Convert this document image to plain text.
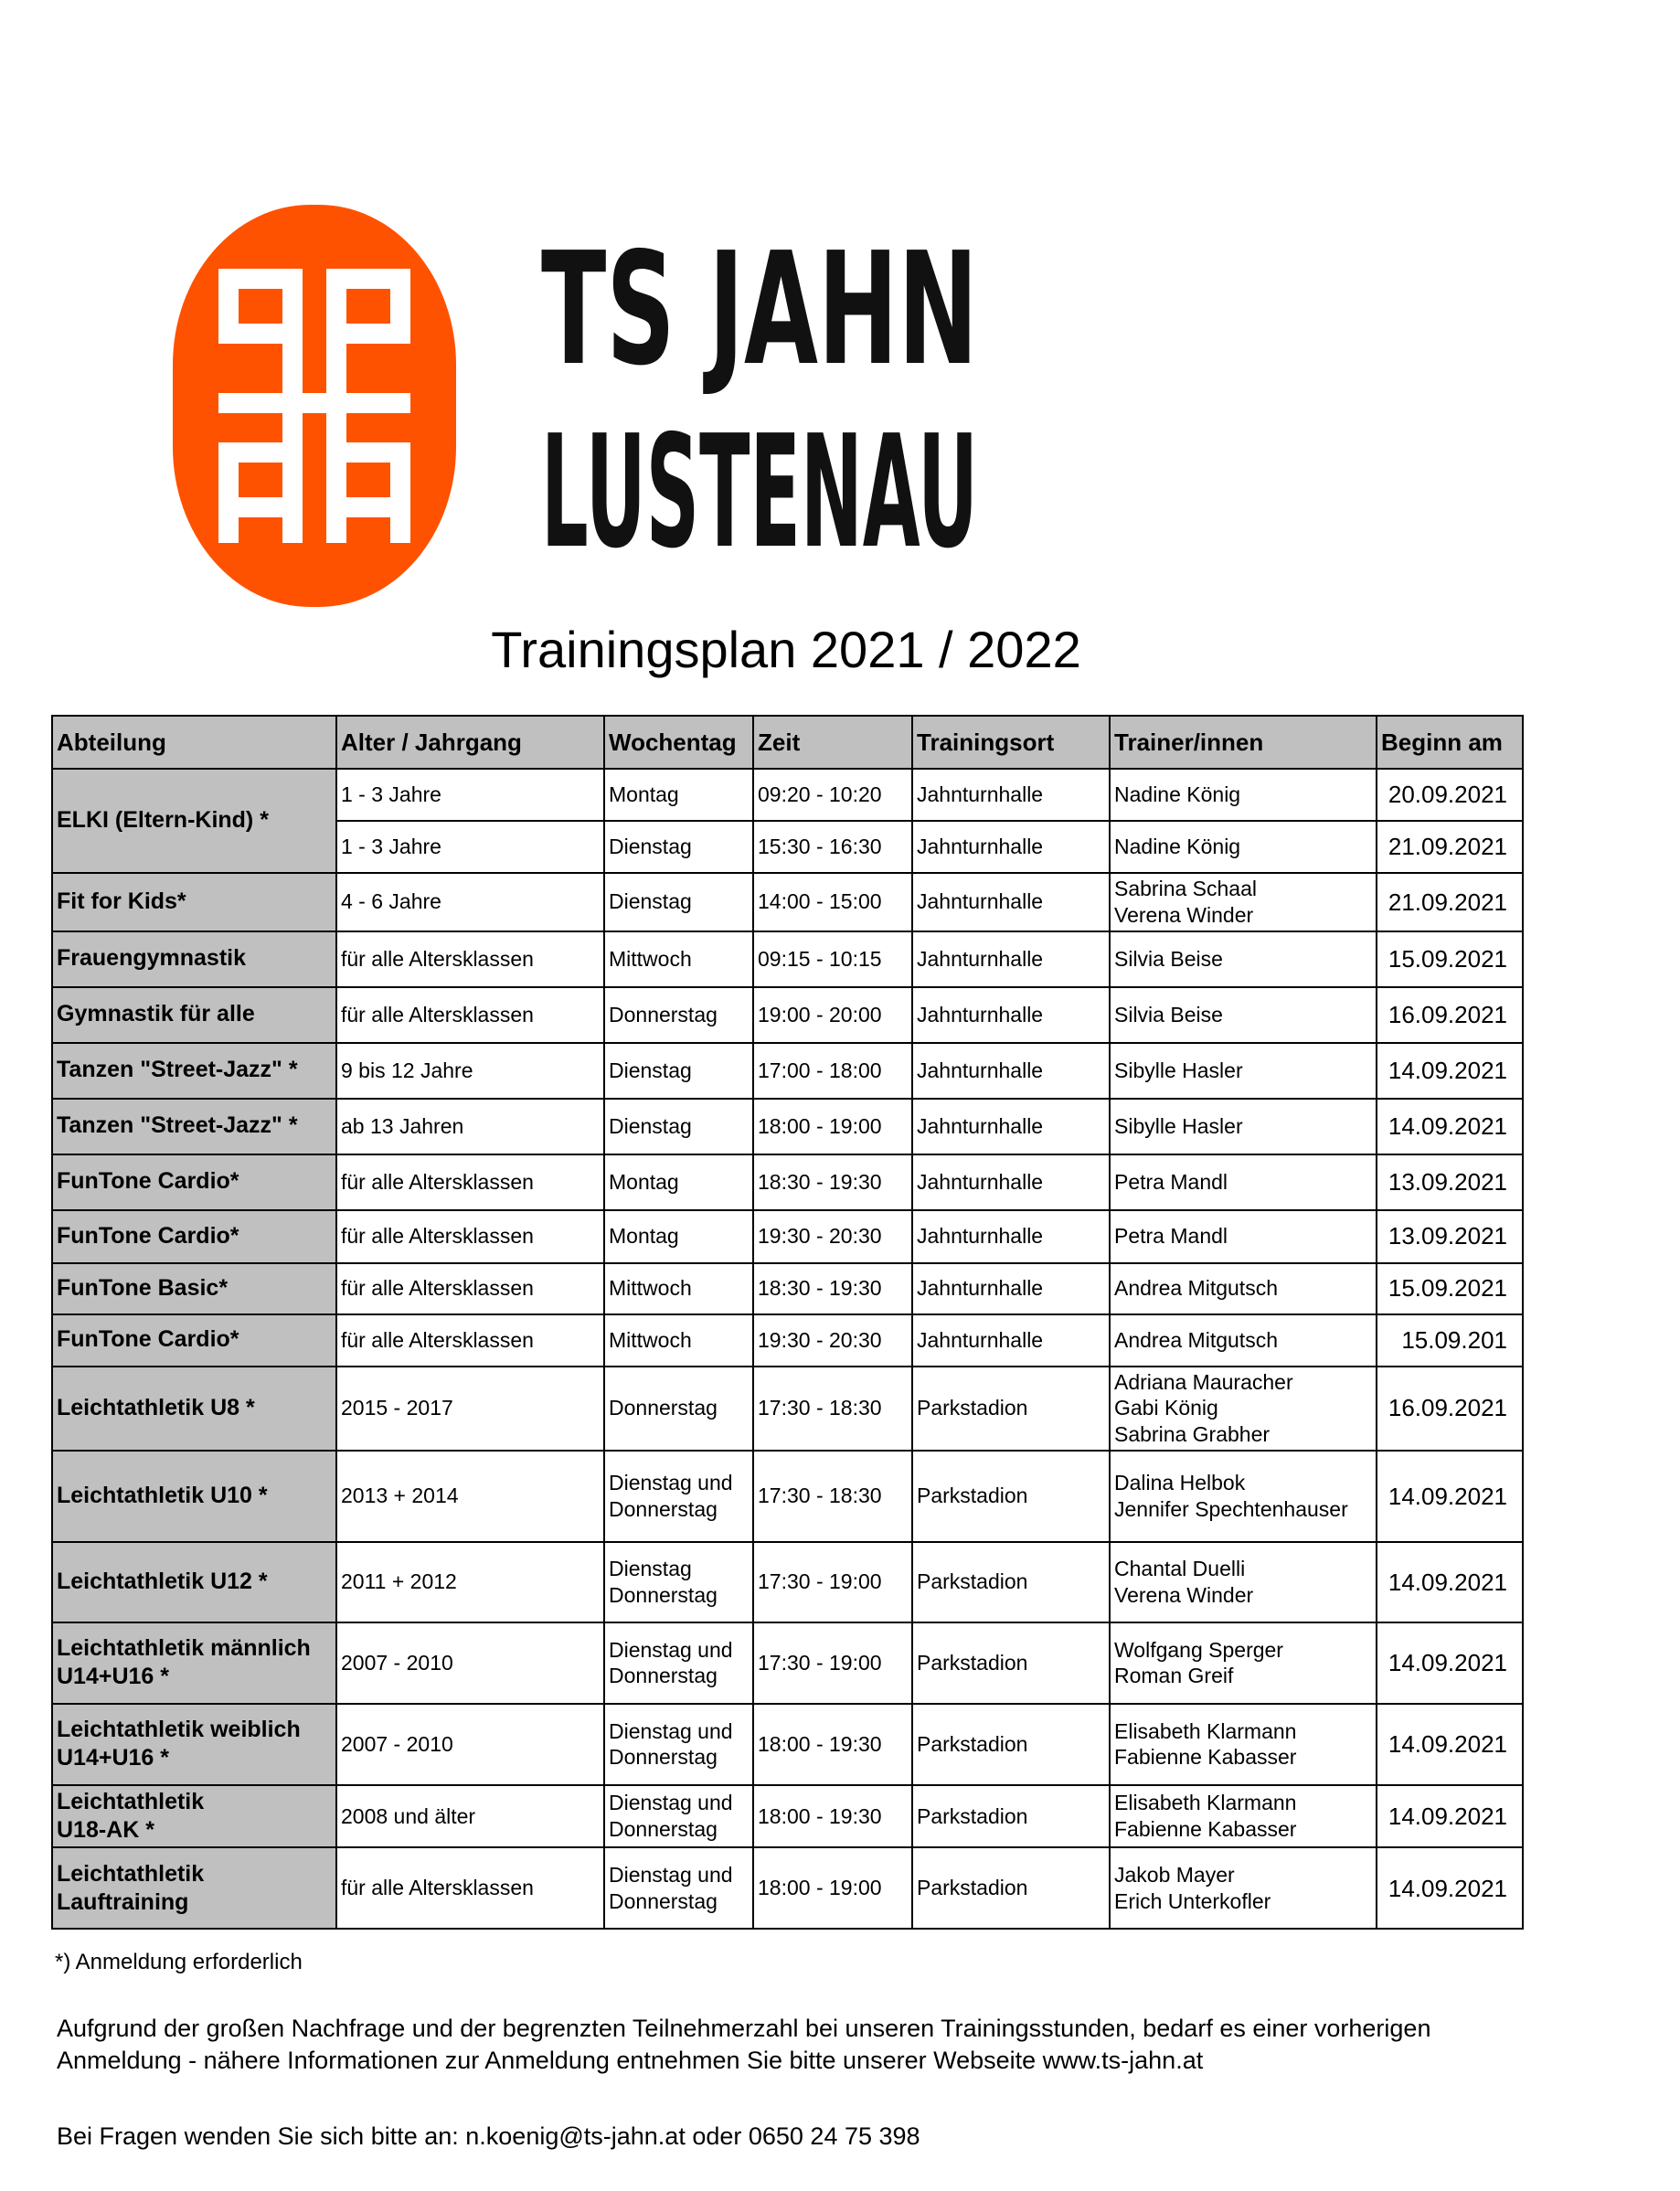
TS JAHN
LUSTENAU
Trainingsplan 2021 / 2022
Abteilung	Alter / Jahrgang	Wochentag	Zeit	Trainingsort	Trainer/innen	Beginn am
ELKI (Eltern-Kind) *	1 - 3 Jahre	Montag	09:20 - 10:20	Jahnturnhalle	Nadine König	20.09.2021
	1 - 3 Jahre	Dienstag	15:30 - 16:30	Jahnturnhalle	Nadine König	21.09.2021
Fit for Kids*	4 - 6 Jahre	Dienstag	14:00 - 15:00	Jahnturnhalle	Sabrina Schaal
Verena Winder	21.09.2021
Frauengymnastik	für alle Altersklassen	Mittwoch	09:15 - 10:15	Jahnturnhalle	Silvia Beise	15.09.2021
Gymnastik für alle	für alle Altersklassen	Donnerstag	19:00 - 20:00	Jahnturnhalle	Silvia Beise	16.09.2021
Tanzen "Street-Jazz" *	9 bis 12 Jahre	Dienstag	17:00 - 18:00	Jahnturnhalle	Sibylle Hasler	14.09.2021
Tanzen "Street-Jazz" *	ab 13 Jahren	Dienstag	18:00 - 19:00	Jahnturnhalle	Sibylle Hasler	14.09.2021
FunTone Cardio*	für alle Altersklassen	Montag	18:30 - 19:30	Jahnturnhalle	Petra Mandl	13.09.2021
FunTone Cardio*	für alle Altersklassen	Montag	19:30 - 20:30	Jahnturnhalle	Petra Mandl	13.09.2021
FunTone Basic*	für alle Altersklassen	Mittwoch	18:30 - 19:30	Jahnturnhalle	Andrea Mitgutsch	15.09.2021
FunTone Cardio*	für alle Altersklassen	Mittwoch	19:30 - 20:30	Jahnturnhalle	Andrea Mitgutsch	15.09.201
Leichtathletik U8 *	2015 - 2017	Donnerstag	17:30 - 18:30	Parkstadion	Adriana Mauracher
Gabi König
Sabrina Grabher	16.09.2021
Leichtathletik U10 *	2013 + 2014	Dienstag und
Donnerstag	17:30 - 18:30	Parkstadion	Dalina Helbok
Jennifer Spechtenhauser	14.09.2021
Leichtathletik U12 *	2011 + 2012	Dienstag
Donnerstag	17:30 - 19:00	Parkstadion	Chantal Duelli
Verena Winder	14.09.2021
Leichtathletik männlich
U14+U16 *	2007 - 2010	Dienstag und
Donnerstag	17:30 - 19:00	Parkstadion	Wolfgang Sperger
Roman Greif	14.09.2021
Leichtathletik weiblich
U14+U16 *	2007 - 2010	Dienstag und
Donnerstag	18:00 - 19:30	Parkstadion	Elisabeth Klarmann
Fabienne Kabasser	14.09.2021
Leichtathletik
U18-AK *	2008 und älter	Dienstag und
Donnerstag	18:00 - 19:30	Parkstadion	Elisabeth Klarmann
Fabienne Kabasser	14.09.2021
Leichtathletik
Lauftraining	für alle Altersklassen	Dienstag und
Donnerstag	18:00 - 19:00	Parkstadion	Jakob Mayer
Erich Unterkofler	14.09.2021

*) Anmeldung erforderlich

Aufgrund der großen Nachfrage und der begrenzten Teilnehmerzahl bei unseren Trainingsstunden, bedarf es einer vorherigen Anmeldung - nähere Informationen zur Anmeldung entnehmen Sie bitte unserer Webseite www.ts-jahn.at

Bei Fragen wenden Sie sich bitte an: n.koenig@ts-jahn.at oder 0650 24 75 398
